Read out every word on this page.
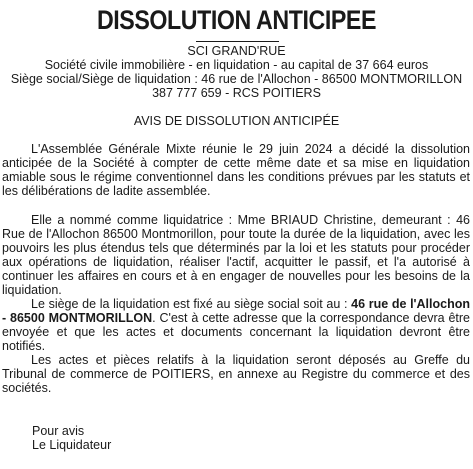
DISSOLUTION ANTICIPEE
SCI GRAND'RUE
Société civile immobilière - en liquidation - au capital de 37 664 euros
Siège social/Siège de liquidation : 46 rue de l'Allochon - 86500 MONTMORILLON
387 777 659 - RCS POITIERS
AVIS DE DISSOLUTION ANTICIPÉE
L'Assemblée Générale Mixte réunie le 29 juin 2024 a décidé la dissolution anticipée de la Société à compter de cette même date et sa mise en liquidation amiable sous le régime conventionnel dans les conditions prévues par les statuts et les délibérations de ladite assemblée.
Elle a nommé comme liquidatrice : Mme BRIAUD Christine, demeurant : 46 Rue de l'Allochon 86500 Montmorillon, pour toute la durée de la liquidation, avec les pouvoirs les plus étendus tels que déterminés par la loi et les statuts pour procéder aux opérations de liquidation, réaliser l'actif, acquitter le passif, et l'a autorisé à continuer les affaires en cours et à en engager de nouvelles pour les besoins de la liquidation.
Le siège de la liquidation est fixé au siège social soit au : 46 rue de l'Allochon - 86500 MONTMORILLON. C'est à cette adresse que la correspondance devra être envoyée et que les actes et documents concernant la liquidation devront être notifiés.
Les actes et pièces relatifs à la liquidation seront déposés au Greffe du Tribunal de commerce de POITIERS, en annexe au Registre du commerce et des sociétés.
Pour avis
Le Liquidateur
